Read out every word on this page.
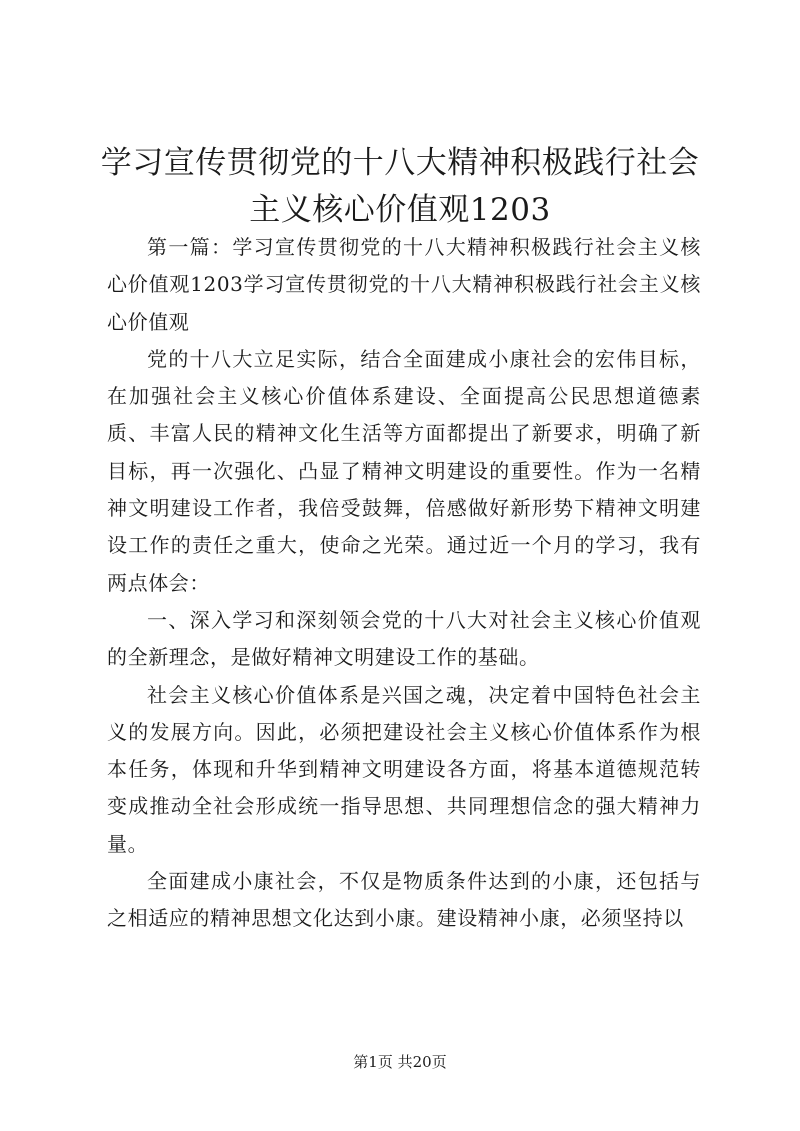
学习宣传贯彻党的十八大精神积极践行社会主义核心价值观1203

第一篇：学习宣传贯彻党的十八大精神积极践行社会主义核心价值观1203学习宣传贯彻党的十八大精神积极践行社会主义核心价值观

党的十八大立足实际，结合全面建成小康社会的宏伟目标，在加强社会主义核心价值体系建设、全面提高公民思想道德素质、丰富人民的精神文化生活等方面都提出了新要求，明确了新目标，再一次强化、凸显了精神文明建设的重要性。作为一名精神文明建设工作者，我倍受鼓舞，倍感做好新形势下精神文明建设工作的责任之重大，使命之光荣。通过近一个月的学习，我有两点体会：

一、深入学习和深刻领会党的十八大对社会主义核心价值观的全新理念，是做好精神文明建设工作的基础。

社会主义核心价值体系是兴国之魂，决定着中国特色社会主义的发展方向。因此，必须把建设社会主义核心价值体系作为根本任务，体现和升华到精神文明建设各方面，将基本道德规范转变成推动全社会形成统一指导思想、共同理想信念的强大精神力量。

全面建成小康社会，不仅是物质条件达到的小康，还包括与之相适应的精神思想文化达到小康。建设精神小康，必须坚持以

第1页 共20页
